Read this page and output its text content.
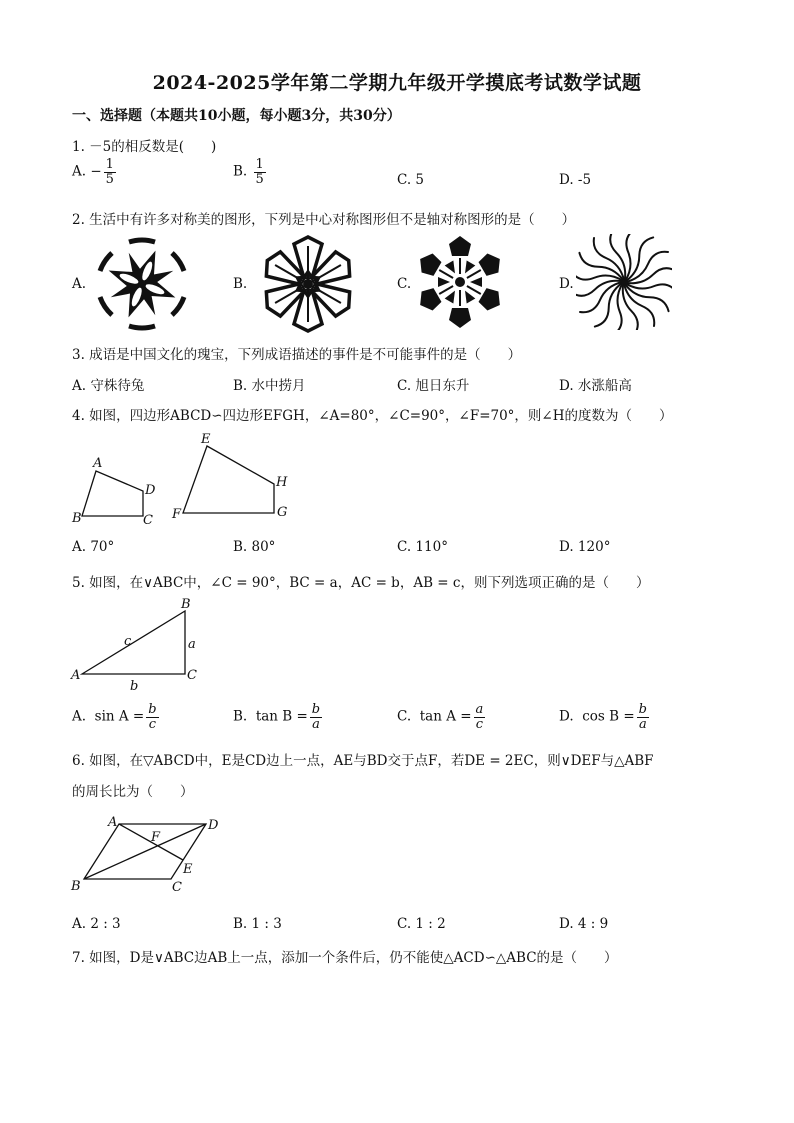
2024-2025学年第二学期九年级开学摸底考试数学试题
一、选择题（本题共10小题，每小题3分，共30分）
1. －5的相反数是(　　)
A. − $\frac{1}{5}$	B. $\frac{1}{5}$	C. 5	D. -5
2. 生活中有许多对称美的图形，下列是中心对称图形但不是轴对称图形的是（　　）
A.	B.	C.	D.
3. 成语是中国文化的瑰宝，下列成语描述的事件是不可能事件的是（　　）
A. 守株待兔	B. 水中捞月	C. 旭日东升	D. 水涨船高
4. 如图，四边形ABCD∽四边形EFGH，∠A=80°，∠C=90°，∠F=70°，则∠H的度数为（　　）
A
B	C
D
E
F	G
H
A. 70°	B. 80°	C. 110°	D. 120°
5. 如图，在∨ABC中，∠C = 90°，BC = a，AC = b，AB = c，则下列选项正确的是（　　）
B
A	C
a
b
c
A. $\sin A = \frac{b}{c}$	B. $\tan B = \frac{b}{a}$	C. $\tan A = \frac{a}{c}$	D. $\cos B = \frac{b}{a}$
6. 如图，在▽ABCD中，E是CD边上一点，AE与BD交于点F，若DE = 2EC，则∨DEF与△ABF
的周长比为（　　）
A
B	C
D
E
F
A. 2 : 3	B. 1 : 3	C. 1 : 2	D. 4 : 9
7. 如图，D是∨ABC边AB上一点，添加一个条件后，仍不能使△ACD∽△ABC的是（　　）
